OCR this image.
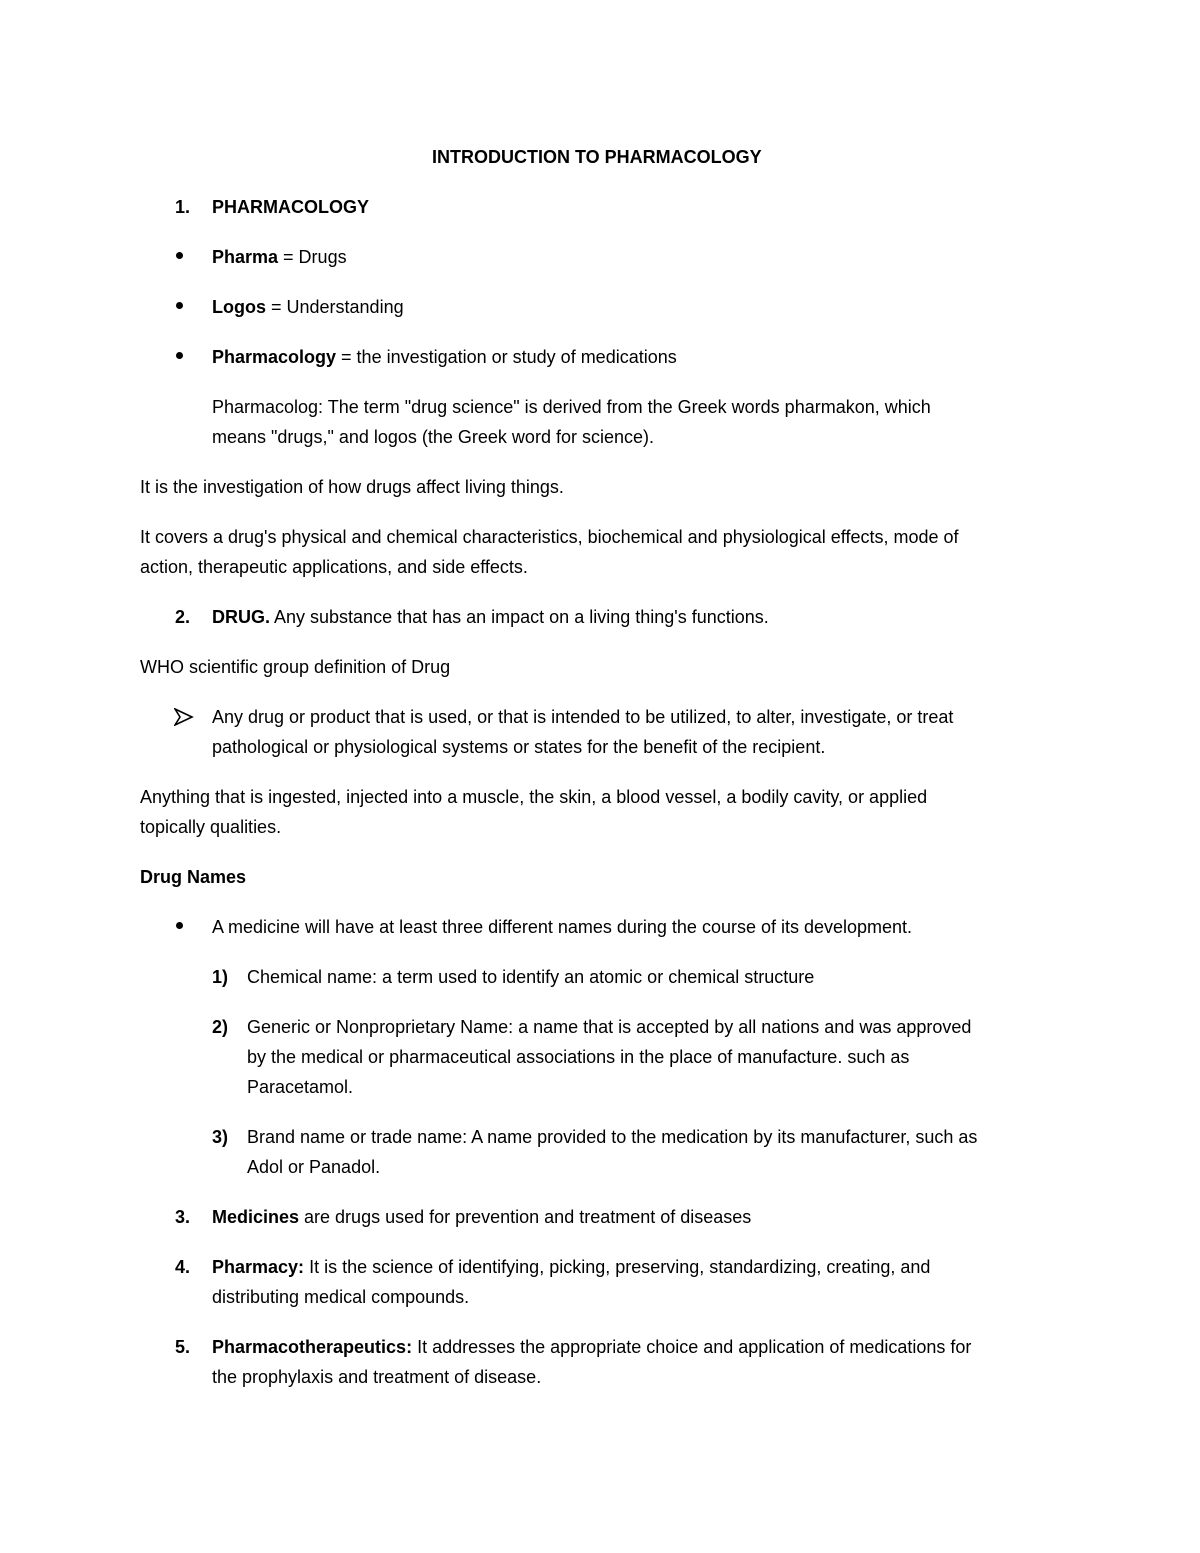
INTRODUCTION TO PHARMACOLOGY
1. PHARMACOLOGY
Pharma = Drugs
Logos = Understanding
Pharmacology = the investigation or study of medications
Pharmacolog: The term "drug science" is derived from the Greek words pharmakon, which
means "drugs," and logos (the Greek word for science).
It is the investigation of how drugs affect living things.
It covers a drug's physical and chemical characteristics, biochemical and physiological effects, mode of
action, therapeutic applications, and side effects.
2. DRUG. Any substance that has an impact on a living thing's functions.
WHO scientific group definition of Drug
Any drug or product that is used, or that is intended to be utilized, to alter, investigate, or treat
pathological or physiological systems or states for the benefit of the recipient.
Anything that is ingested, injected into a muscle, the skin, a blood vessel, a bodily cavity, or applied
topically qualities.
Drug Names
A medicine will have at least three different names during the course of its development.
1) Chemical name: a term used to identify an atomic or chemical structure
2) Generic or Nonproprietary Name: a name that is accepted by all nations and was approved
by the medical or pharmaceutical associations in the place of manufacture. such as
Paracetamol.
3) Brand name or trade name: A name provided to the medication by its manufacturer, such as
Adol or Panadol.
3. Medicines are drugs used for prevention and treatment of diseases
4. Pharmacy: It is the science of identifying, picking, preserving, standardizing, creating, and
distributing medical compounds.
5. Pharmacotherapeutics: It addresses the appropriate choice and application of medications for
the prophylaxis and treatment of disease.
